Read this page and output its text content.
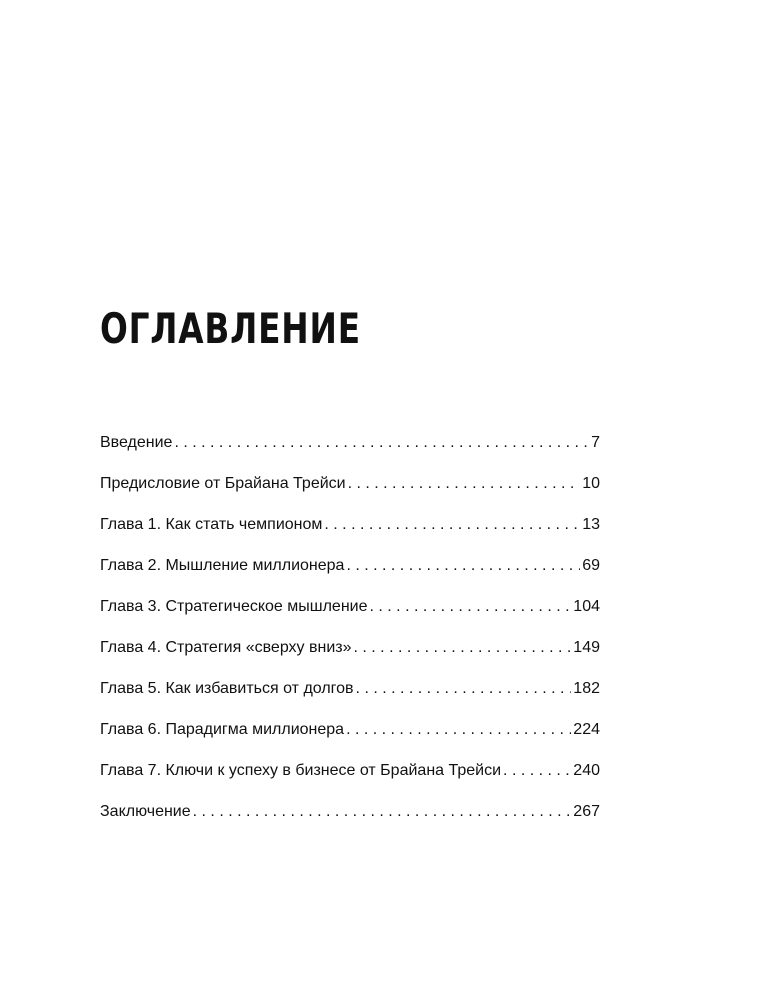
ОГЛАВЛЕНИЕ
Введение . . .	7
Предисловие от Брайана Трейси . . .	10
Глава 1. Как стать чемпионом . . .	13
Глава 2. Мышление миллионера . . .	69
Глава 3. Стратегическое мышление . . .	104
Глава 4. Стратегия «сверху вниз» . . .	149
Глава 5. Как избавиться от долгов . . .	182
Глава 6. Парадигма миллионера . . .	224
Глава 7. Ключи к успеху в бизнесе от Брайана Трейси . . .	240
Заключение . . .	267
